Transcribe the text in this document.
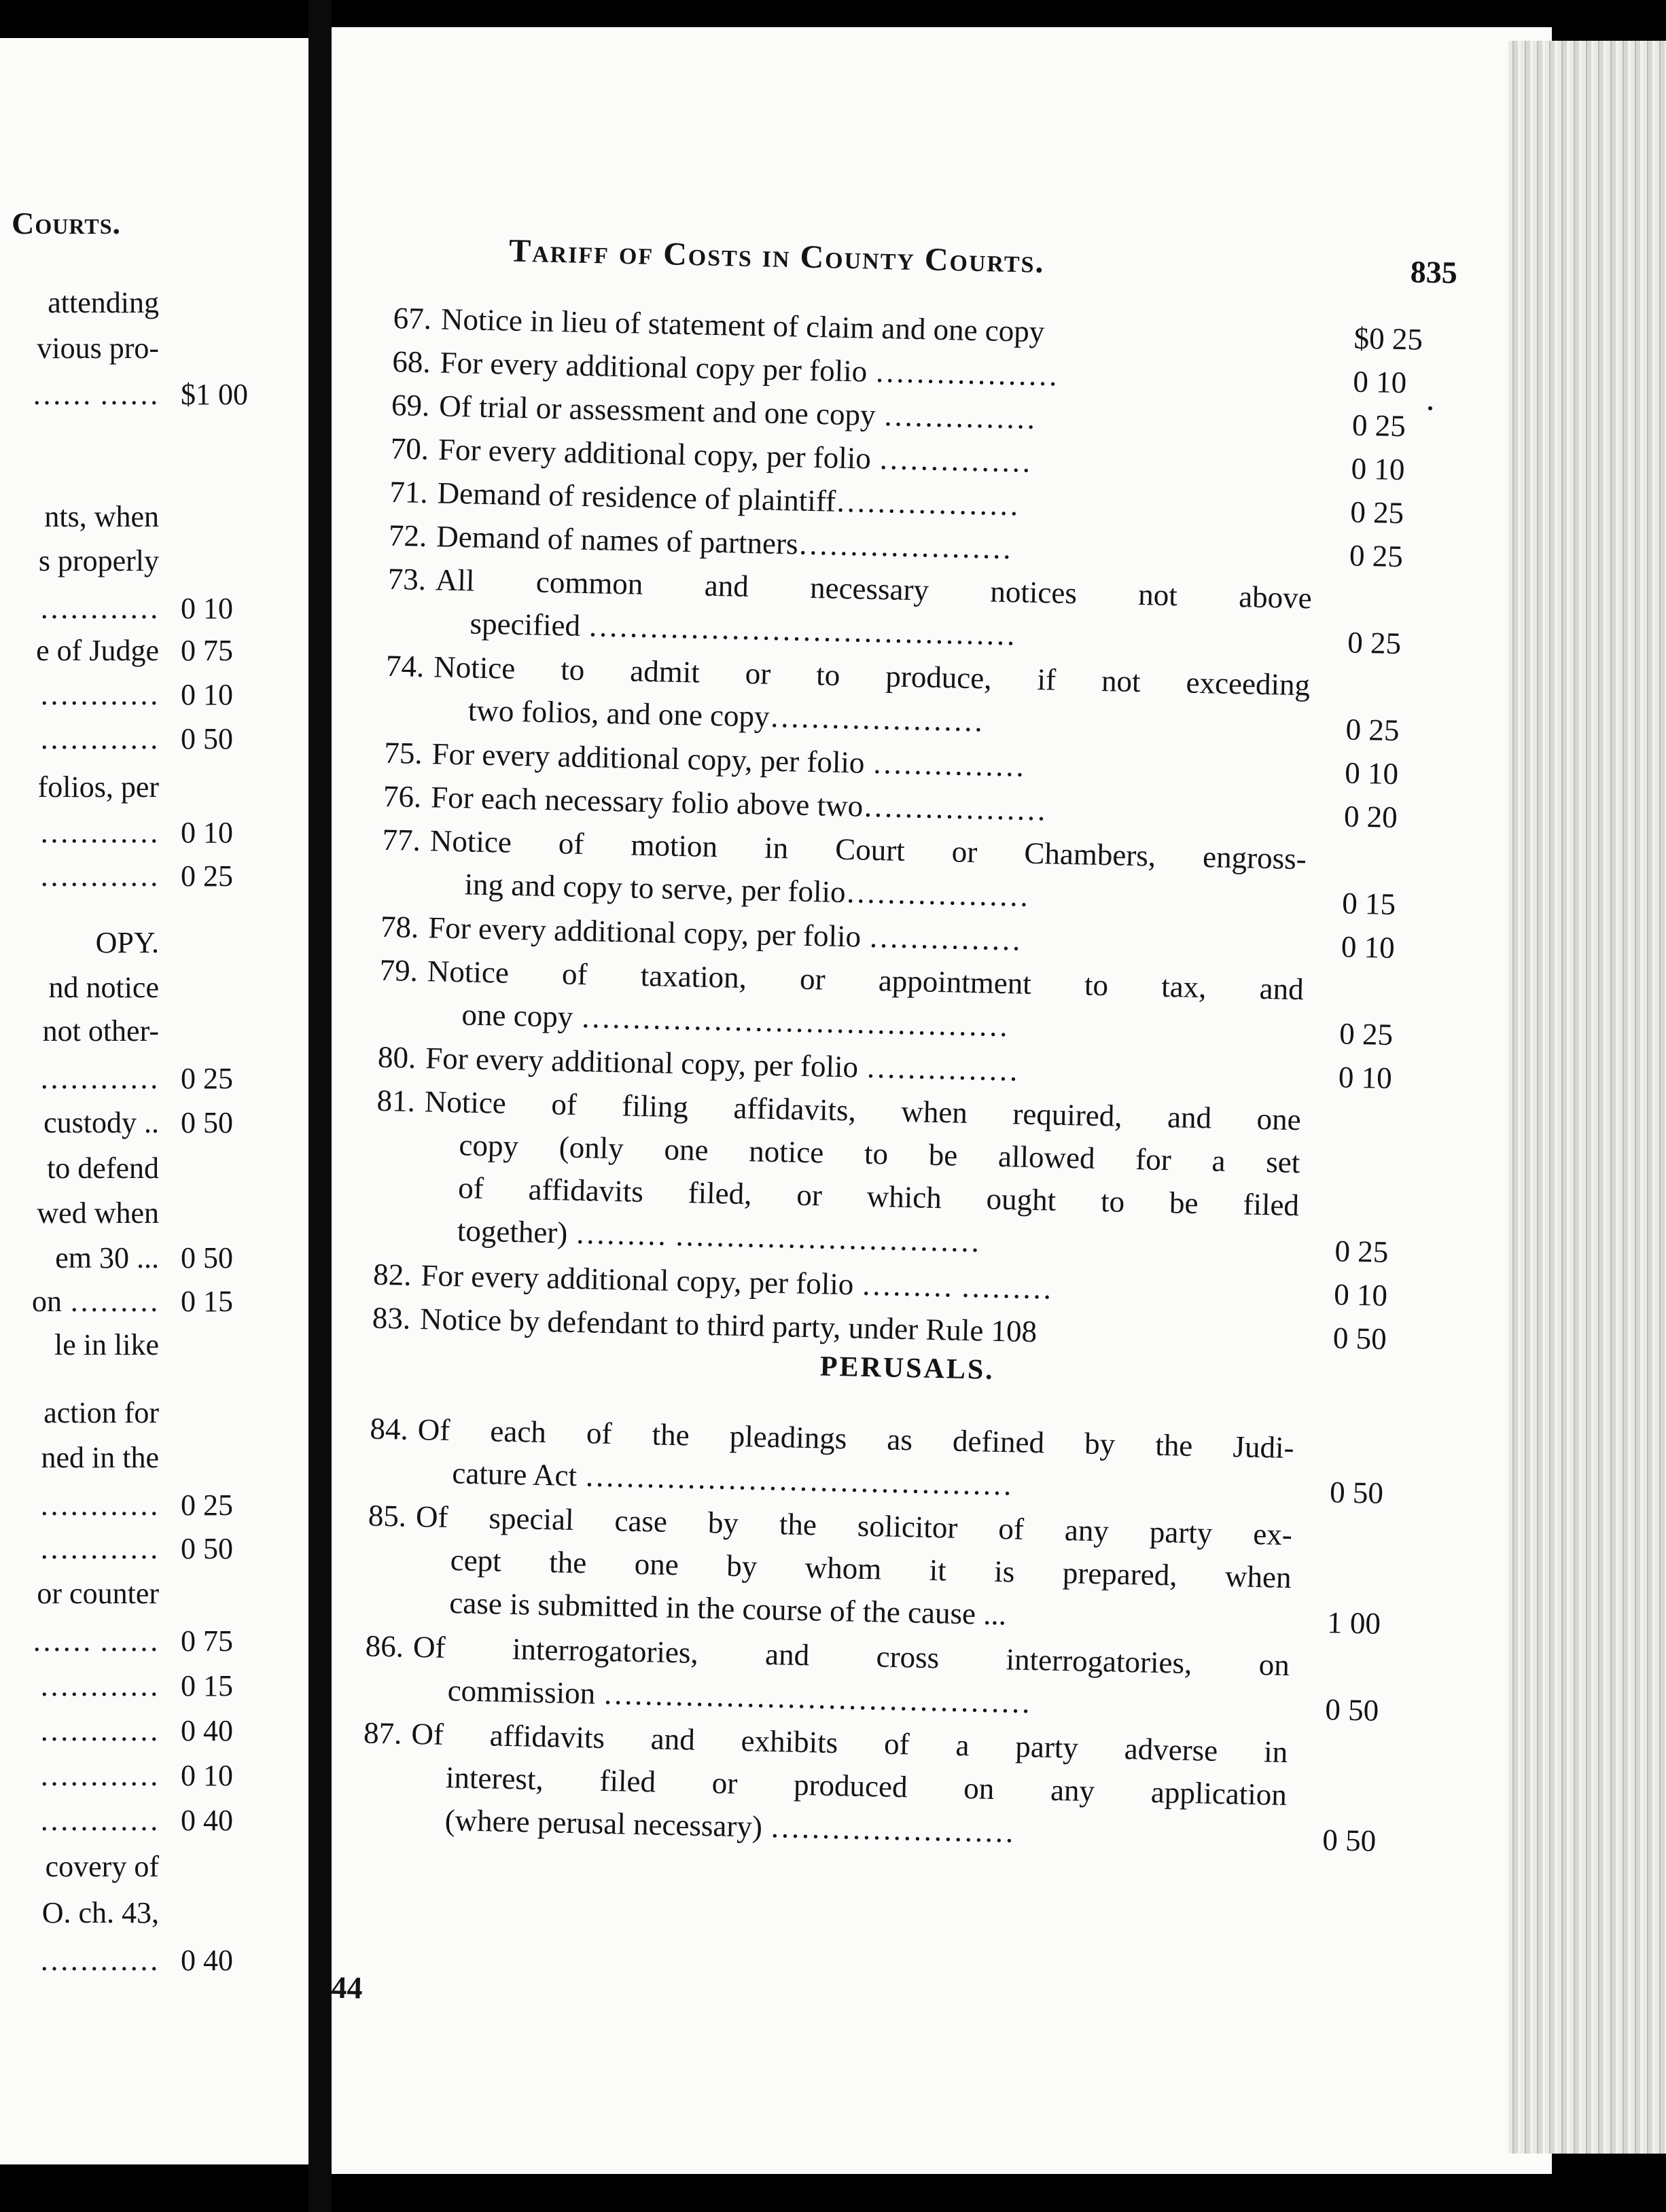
Courts.
attending
vious pro-
…… …… $1 00
nts, when
s properly
………… 0 10
e of Judge 0 75
………… 0 10
………… 0 50
folios, per
………… 0 10
………… 0 25
OPY.
nd notice
not other-
………… 0 25
custody .. 0 50
to defend
wed when
em 30 ... 0 50
on ……… 0 15
le in like
action for
ned in the
………… 0 25
………… 0 50
or counter
…… …… 0 75
………… 0 15
………… 0 40
………… 0 10
………… 0 40
covery of
O. ch. 43,
………… 0 40
Tariff of Costs in County Courts.	835
67. Notice in lieu of statement of claim and one copy	$0 25
68. For every additional copy per folio ………………	0 10
69. Of trial or assessment and one copy ……………	0 25
70. For every additional copy, per folio ……………	0 10
71. Demand of residence of plaintiff………………	0 25
72. Demand of names of partners…………………	0 25
73. All common and necessary notices not above
specified ……………………………………	0 25
74. Notice to admit or to produce, if not exceeding
two folios, and one copy…………………	0 25
75. For every additional copy, per folio ……………	0 10
76. For each necessary folio above two………………	0 20
77. Notice of motion in Court or Chambers, engross-
ing and copy to serve, per folio………………	0 15
78. For every additional copy, per folio ……………	0 10
79. Notice of taxation, or appointment to tax, and
one copy ……………………………………	0 25
80. For every additional copy, per folio ……………	0 10
81. Notice of filing affidavits, when required, and one
copy (only one notice to be allowed for a set
of affidavits filed, or which ought to be filed
together) ……… …………………………	0 25
82. For every additional copy, per folio ……… ………	0 10
83. Notice by defendant to third party, under Rule 108	0 50
PERUSALS.
84. Of each of the pleadings as defined by the Judi-
cature Act ……………………………………	0 50
85. Of special case by the solicitor of any party ex-
cept the one by whom it is prepared, when
case is submitted in the course of the cause ...	1 00
86. Of interrogatories, and cross interrogatories, on
commission ……………………………………	0 50
87. Of affidavits and exhibits of a party adverse in
interest, filed or produced on any application
(where perusal necessary) ……………………	0 50
44
